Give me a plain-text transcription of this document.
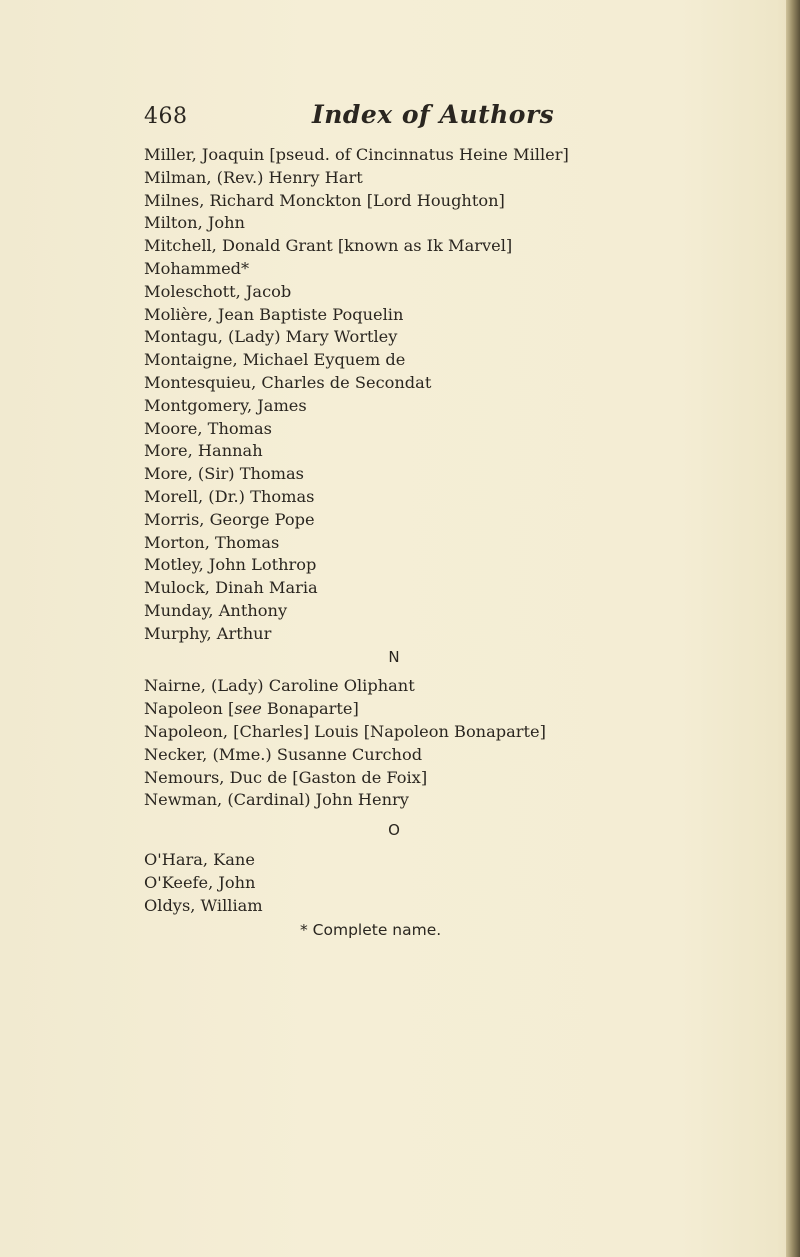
468	Index of Authors
Miller, Joaquin [pseud. of Cincinnatus Heine Miller]
Milman, (Rev.) Henry Hart
Milnes, Richard Monckton [Lord Houghton]
Milton, John
Mitchell, Donald Grant [known as Ik Marvel]
Mohammed*
Moleschott, Jacob
Molière, Jean Baptiste Poquelin
Montagu, (Lady) Mary Wortley
Montaigne, Michael Eyquem de
Montesquieu, Charles de Secondat
Montgomery, James
Moore, Thomas
More, Hannah
More, (Sir) Thomas
Morell, (Dr.) Thomas
Morris, George Pope
Morton, Thomas
Motley, John Lothrop
Mulock, Dinah Maria
Munday, Anthony
Murphy, Arthur
N
Nairne, (Lady) Caroline Oliphant
Napoleon [see Bonaparte]
Napoleon, [Charles] Louis [Napoleon Bonaparte]
Necker, (Mme.) Susanne Curchod
Nemours, Duc de [Gaston de Foix]
Newman, (Cardinal) John Henry
O
O'Hara, Kane
O'Keefe, John
Oldys, William
* Complete name.
